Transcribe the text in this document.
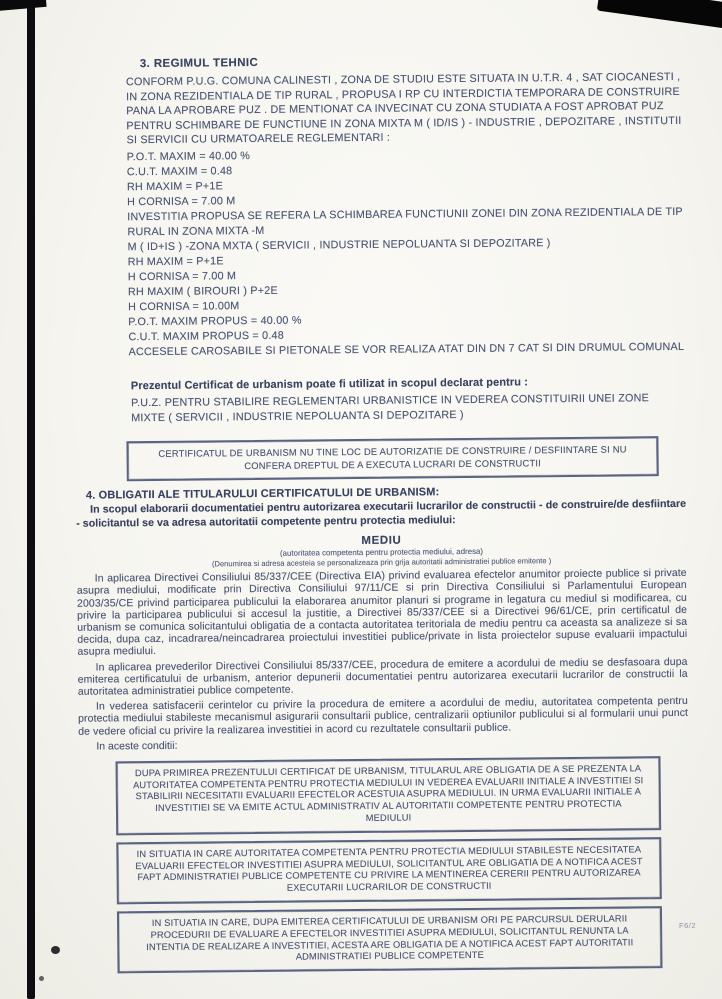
3. REGIMUL TEHNIC
CONFORM P.U.G. COMUNA CALINESTI , ZONA DE STUDIU ESTE SITUATA IN U.T.R. 4 , SAT CIOCANESTI , IN ZONA REZIDENTIALA DE TIP RURAL , PROPUSA I RP CU INTERDICTIA TEMPORARA DE CONSTRUIRE PANA LA APROBARE PUZ . DE MENTIONAT CA INVECINAT CU ZONA STUDIATA A FOST APROBAT PUZ PENTRU SCHIMBARE DE FUNCTIUNE IN ZONA MIXTA M ( ID/IS ) - INDUSTRIE , DEPOZITARE , INSTITUTII SI SERVICII CU URMATOARELE REGLEMENTARI :
P.O.T. MAXIM = 40.00 %
C.U.T. MAXIM = 0.48
RH MAXIM = P+1E
H CORNISA = 7.00 M
INVESTITIA PROPUSA SE REFERA LA SCHIMBAREA FUNCTIUNII ZONEI DIN ZONA REZIDENTIALA DE TIP RURAL IN ZONA MIXTA -M
M ( ID+IS ) -ZONA MXTA ( SERVICII , INDUSTRIE NEPOLUANTA SI DEPOZITARE )
RH MAXIM = P+1E
H CORNISA = 7.00 M
RH MAXIM ( BIROURI ) P+2E
H CORNISA = 10.00M
P.O.T. MAXIM PROPUS = 40.00 %
C.U.T. MAXIM PROPUS = 0.48
ACCESELE CAROSABILE SI PIETONALE SE VOR REALIZA ATAT DIN DN 7 CAT SI DIN DRUMUL COMUNAL
Prezentul Certificat de urbanism poate fi utilizat in scopul declarat pentru :
P.U.Z. PENTRU STABILIRE REGLEMENTARI URBANISTICE IN VEDEREA CONSTITUIRII UNEI ZONE MIXTE ( SERVICII , INDUSTRIE NEPOLUANTA SI DEPOZITARE )
CERTIFICATUL DE URBANISM NU TINE LOC DE AUTORIZATIE DE CONSTRUIRE / DESFIINTARE SI NU CONFERA DREPTUL DE A EXECUTA LUCRARI DE CONSTRUCTII
4. OBLIGATII ALE TITULARULUI CERTIFICATULUI DE URBANISM:
In scopul elaborarii documentatiei pentru autorizarea executarii lucrarilor de constructii - de construire/de desfiintare - solicitantul se va adresa autoritatii competente pentru protectia mediului:
MEDIU
(autoritatea competenta pentru protectia mediului, adresa)
(Denumirea si adresa acesteia se personalizeaza prin grija autoritatii administratiei publice emitente )
In aplicarea Directivei Consiliului 85/337/CEE (Directiva EIA) privind evaluarea efectelor anumitor proiecte publice si private asupra mediului, modificate prin Directiva Consiliului 97/11/CE si prin Directiva Consiliului si Parlamentului European 2003/35/CE privind participarea publicului la elaborarea anumitor planuri si programe in legatura cu mediul si modificarea, cu privire la participarea publicului si accesul la justitie, a Directivei 85/337/CEE si a Directivei 96/61/CE, prin certificatul de urbanism se comunica solicitantului obligatia de a contacta autoritatea teritoriala de mediu pentru ca aceasta sa analizeze si sa decida, dupa caz, incadrarea/neincadrarea proiectului investitiei publice/private in lista proiectelor supuse evaluarii impactului asupra mediului.
In aplicarea prevederilor Directivei Consiliului 85/337/CEE, procedura de emitere a acordului de mediu se desfasoara dupa emiterea certificatului de urbanism, anterior depunerii documentatiei pentru autorizarea executarii lucrarilor de constructii la autoritatea administratiei publice competente.
In vederea satisfacerii cerintelor cu privire la procedura de emitere a acordului de mediu, autoritatea competenta pentru protectia mediului stabileste mecanismul asigurarii consultarii publice, centralizarii optiunilor publicului si al formularii unui punct de vedere oficial cu privire la realizarea investitiei in acord cu rezultatele consultarii publice.
In aceste conditii:
DUPA PRIMIREA PREZENTULUI CERTIFICAT DE URBANISM, TITULARUL ARE OBLIGATIA DE A SE PREZENTA LA AUTORITATEA COMPETENTA PENTRU PROTECTIA MEDIULUI IN VEDEREA EVALUARII INITIALE A INVESTITIEI SI STABILIRII NECESITATII EVALUARII EFECTELOR ACESTUIA ASUPRA MEDIULUI. IN URMA EVALUARII INITIALE A INVESTITIEI SE VA EMITE ACTUL ADMINISTRATIV AL AUTORITATII COMPETENTE PENTRU PROTECTIA MEDIULUI
IN SITUATIA IN CARE AUTORITATEA COMPETENTA PENTRU PROTECTIA MEDIULUI STABILESTE NECESITATEA EVALUARII EFECTELOR INVESTITIEI ASUPRA MEDIULUI, SOLICITANTUL ARE OBLIGATIA DE A NOTIFICA ACEST FAPT ADMINISTRATIEI PUBLICE COMPETENTE CU PRIVIRE LA MENTINEREA CERERII PENTRU AUTORIZAREA EXECUTARII LUCRARILOR DE CONSTRUCTII
IN SITUATIA IN CARE, DUPA EMITEREA CERTIFICATULUI DE URBANISM ORI PE PARCURSUL DERULARII PROCEDURII DE EVALUARE A EFECTELOR INVESTITIEI ASUPRA MEDIULUI, SOLICITANTUL RENUNTA LA INTENTIA DE REALIZARE A INVESTITIEI, ACESTA ARE OBLIGATIA DE A NOTIFICA ACEST FAPT AUTORITATII ADMINISTRATIEI PUBLICE COMPETENTE
F6/2
